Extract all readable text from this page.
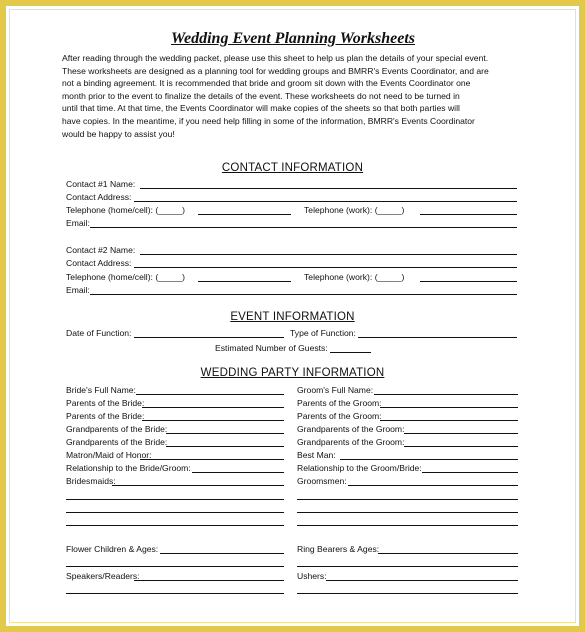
Wedding Event Planning Worksheets
After reading through the wedding packet, please use this sheet to help us plan the details of your special event.
These worksheets are designed as a planning tool for wedding groups and BMRR's Events Coordinator, and are
not a binding agreement. It is recommended that bride and groom sit down with the Events Coordinator one
month prior to the event to finalize the details of the event. These worksheets do not need to be turned in
until that time. At that time, the Events Coordinator will make copies of the sheets so that both parties will
have copies. In the meantime, if you need help filling in some of the information, BMRR's Events Coordinator
would be happy to assist you!
CONTACT INFORMATION
Contact #1 Name:
Contact Address:
Telephone (home/cell): (_____)	Telephone (work): (_____)
Email:
Contact #2 Name:
Contact Address:
Telephone (home/cell): (_____)	Telephone (work): (_____)
Email:
EVENT INFORMATION
Date of Function:	Type of Function:
Estimated Number of Guests:
WEDDING PARTY INFORMATION
Bride's Full Name:	Groom's Full Name:
Parents of the Bride:	Parents of the Groom:
Parents of the Bride:	Parents of the Groom:
Grandparents of the Bride:	Grandparents of the Groom:
Grandparents of the Bride:	Grandparents of the Groom:
Matron/Maid of Honor:	Best Man:
Relationship to the Bride/Groom:	Relationship to the Groom/Bride:
Bridesmaids:	Groomsmen:
Flower Children & Ages:	Ring Bearers & Ages:
Speakers/Readers:	Ushers:
